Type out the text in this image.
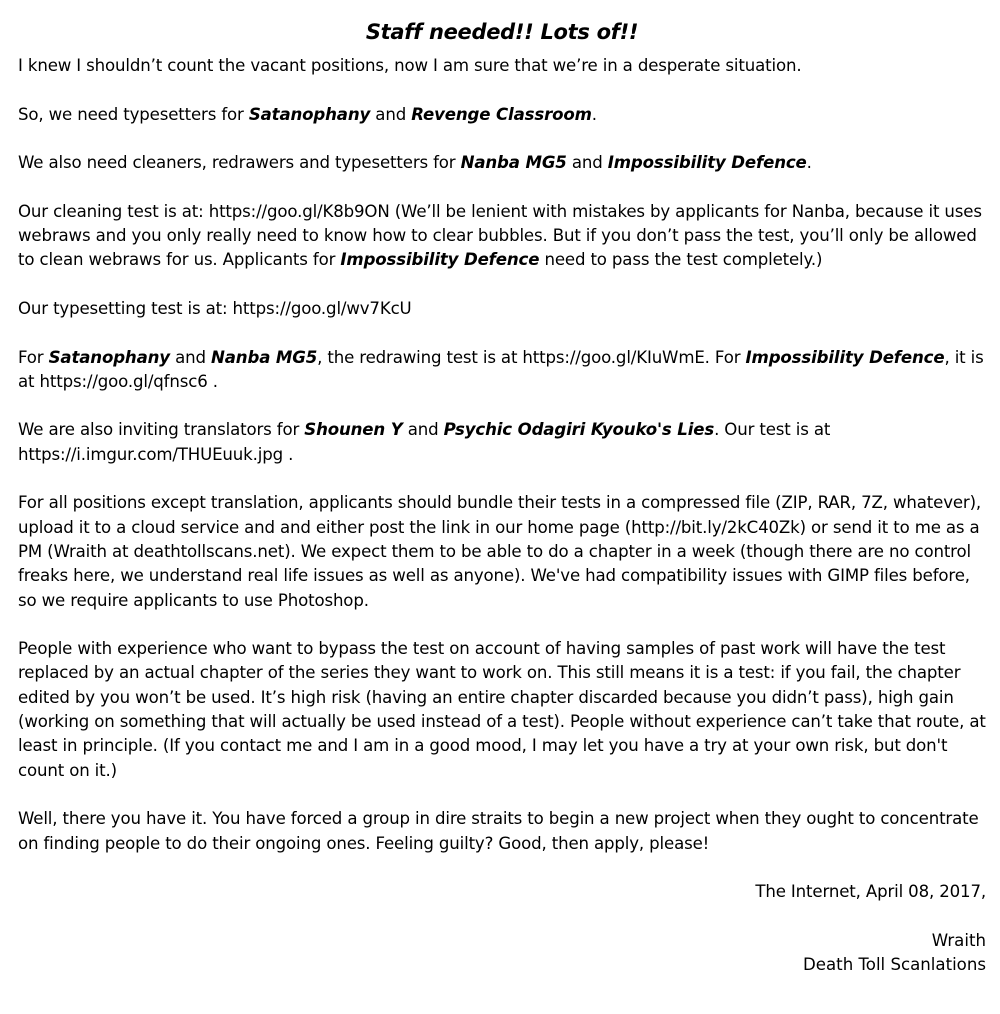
Staff needed!! Lots of!!

I knew I shouldn’t count the vacant positions, now I am sure that we’re in a desperate situation.

So, we need typesetters for Satanophany and Revenge Classroom.

We also need cleaners, redrawers and typesetters for Nanba MG5 and Impossibility Defence.

Our cleaning test is at: https://goo.gl/K8b9ON (We’ll be lenient with mistakes by applicants for Nanba, because it uses webraws and you only really need to know how to clear bubbles. But if you don’t pass the test, you’ll only be allowed to clean webraws for us. Applicants for Impossibility Defence need to pass the test completely.)

Our typesetting test is at: https://goo.gl/wv7KcU

For Satanophany and Nanba MG5, the redrawing test is at https://goo.gl/KIuWmE. For Impossibility Defence, it is at https://goo.gl/qfnsc6 .

We are also inviting translators for Shounen Y and Psychic Odagiri Kyouko's Lies. Our test is at https://i.imgur.com/THUEuuk.jpg .

For all positions except translation, applicants should bundle their tests in a compressed file (ZIP, RAR, 7Z, whatever), upload it to a cloud service and and either post the link in our home page (http://bit.ly/2kC40Zk) or send it to me as a PM (Wraith at deathtollscans.net). We expect them to be able to do a chapter in a week (though there are no control freaks here, we understand real life issues as well as anyone). We've had compatibility issues with GIMP files before, so we require applicants to use Photoshop.

People with experience who want to bypass the test on account of having samples of past work will have the test replaced by an actual chapter of the series they want to work on. This still means it is a test: if you fail, the chapter edited by you won’t be used. It’s high risk (having an entire chapter discarded because you didn’t pass), high gain (working on something that will actually be used instead of a test). People without experience can’t take that route, at least in principle. (If you contact me and I am in a good mood, I may let you have a try at your own risk, but don't count on it.)

Well, there you have it. You have forced a group in dire straits to begin a new project when they ought to concentrate on finding people to do their ongoing ones. Feeling guilty? Good, then apply, please!

The Internet, April 08, 2017,
Wraith
Death Toll Scanlations
